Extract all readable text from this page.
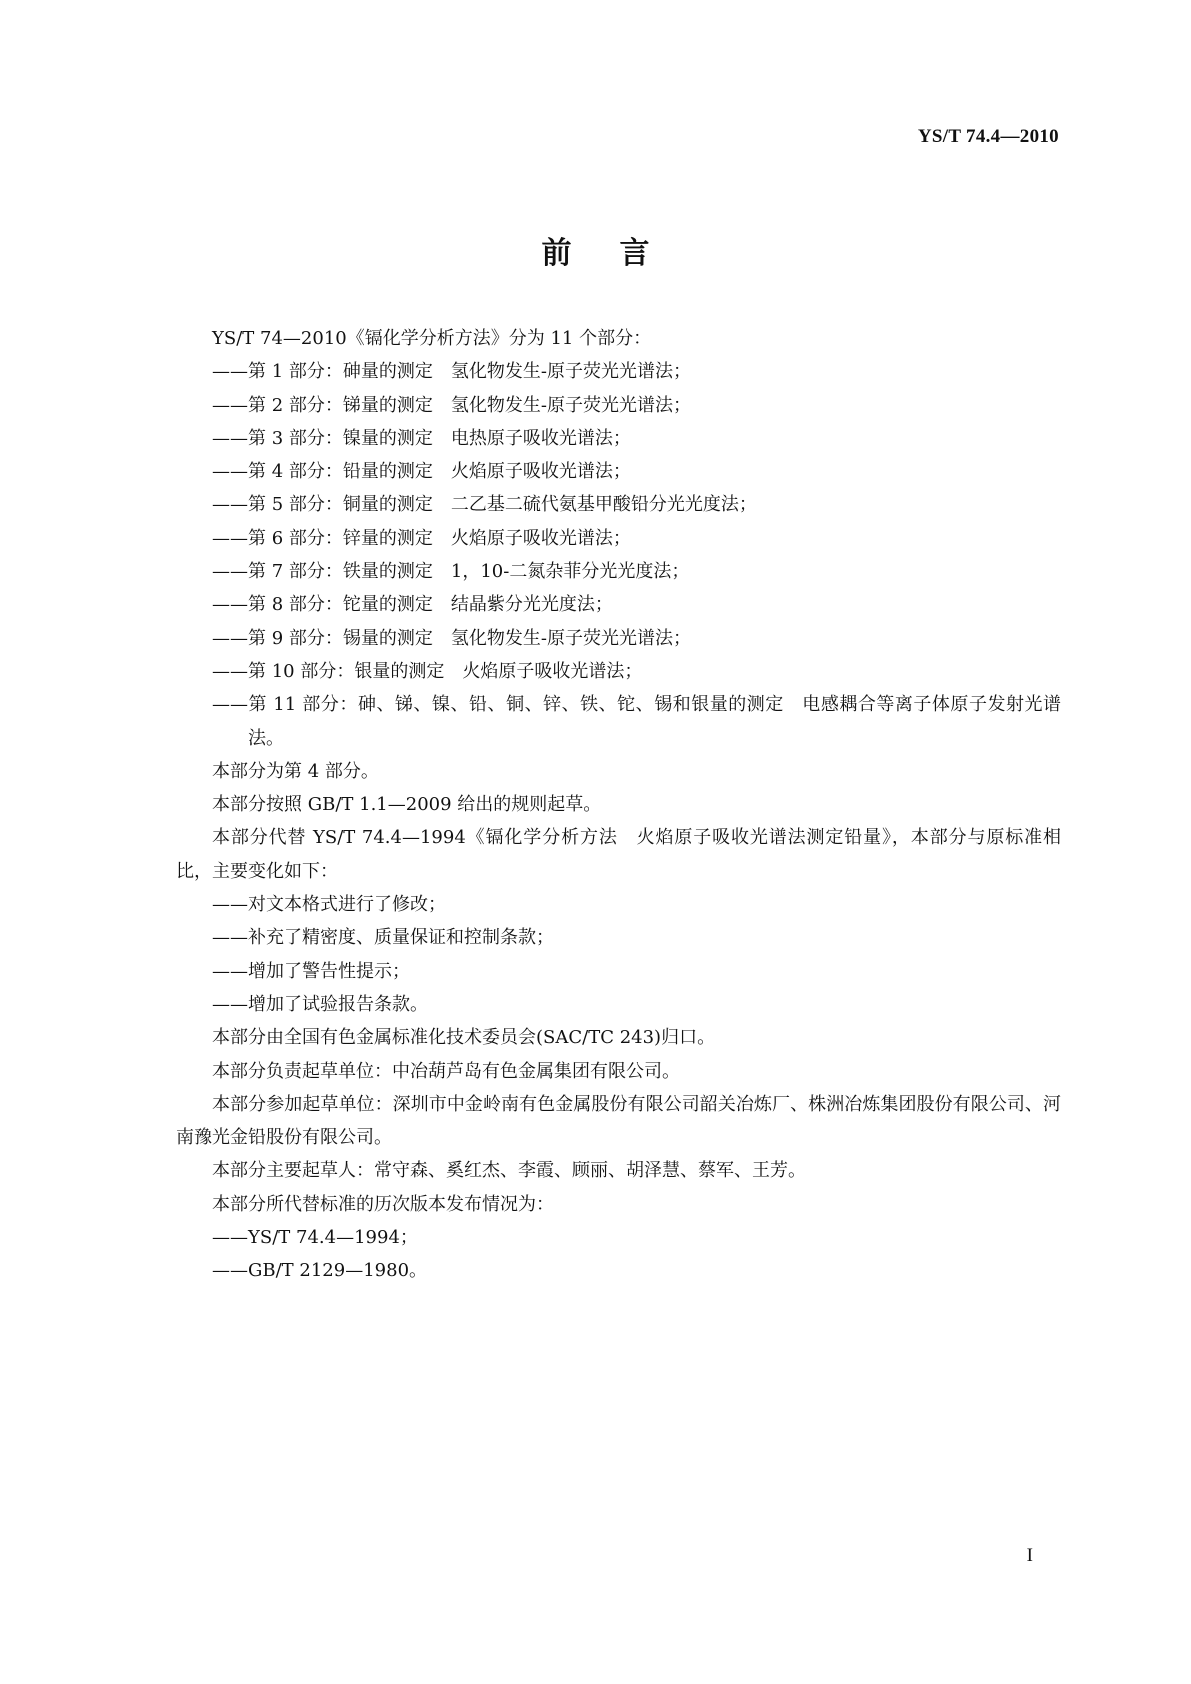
YS/T 74.4—2010
前言

YS/T 74—2010《镉化学分析方法》分为 11 个部分：

——第 1 部分：砷量的测定　氢化物发生-原子荧光光谱法；

——第 2 部分：锑量的测定　氢化物发生-原子荧光光谱法；

——第 3 部分：镍量的测定　电热原子吸收光谱法；

——第 4 部分：铅量的测定　火焰原子吸收光谱法；

——第 5 部分：铜量的测定　二乙基二硫代氨基甲酸铅分光光度法；

——第 6 部分：锌量的测定　火焰原子吸收光谱法；

——第 7 部分：铁量的测定　1，10-二氮杂菲分光光度法；

——第 8 部分：铊量的测定　结晶紫分光光度法；

——第 9 部分：锡量的测定　氢化物发生-原子荧光光谱法；

——第 10 部分：银量的测定　火焰原子吸收光谱法；

——第 11 部分：砷、锑、镍、铅、铜、锌、铁、铊、锡和银量的测定　电感耦合等离子体原子发射光谱法。

本部分为第 4 部分。

本部分按照 GB/T 1.1—2009 给出的规则起草。

本部分代替 YS/T 74.4—1994《镉化学分析方法　火焰原子吸收光谱法测定铅量》，本部分与原标准相比，主要变化如下：

——对文本格式进行了修改；

——补充了精密度、质量保证和控制条款；

——增加了警告性提示；

——增加了试验报告条款。

本部分由全国有色金属标准化技术委员会(SAC/TC 243)归口。

本部分负责起草单位：中冶葫芦岛有色金属集团有限公司。

本部分参加起草单位：深圳市中金岭南有色金属股份有限公司韶关冶炼厂、株洲冶炼集团股份有限公司、河南豫光金铅股份有限公司。

本部分主要起草人：常守森、奚红杰、李霞、顾丽、胡泽慧、蔡军、王芳。

本部分所代替标准的历次版本发布情况为：

——YS/T 74.4—1994；

——GB/T 2129—1980。

I
